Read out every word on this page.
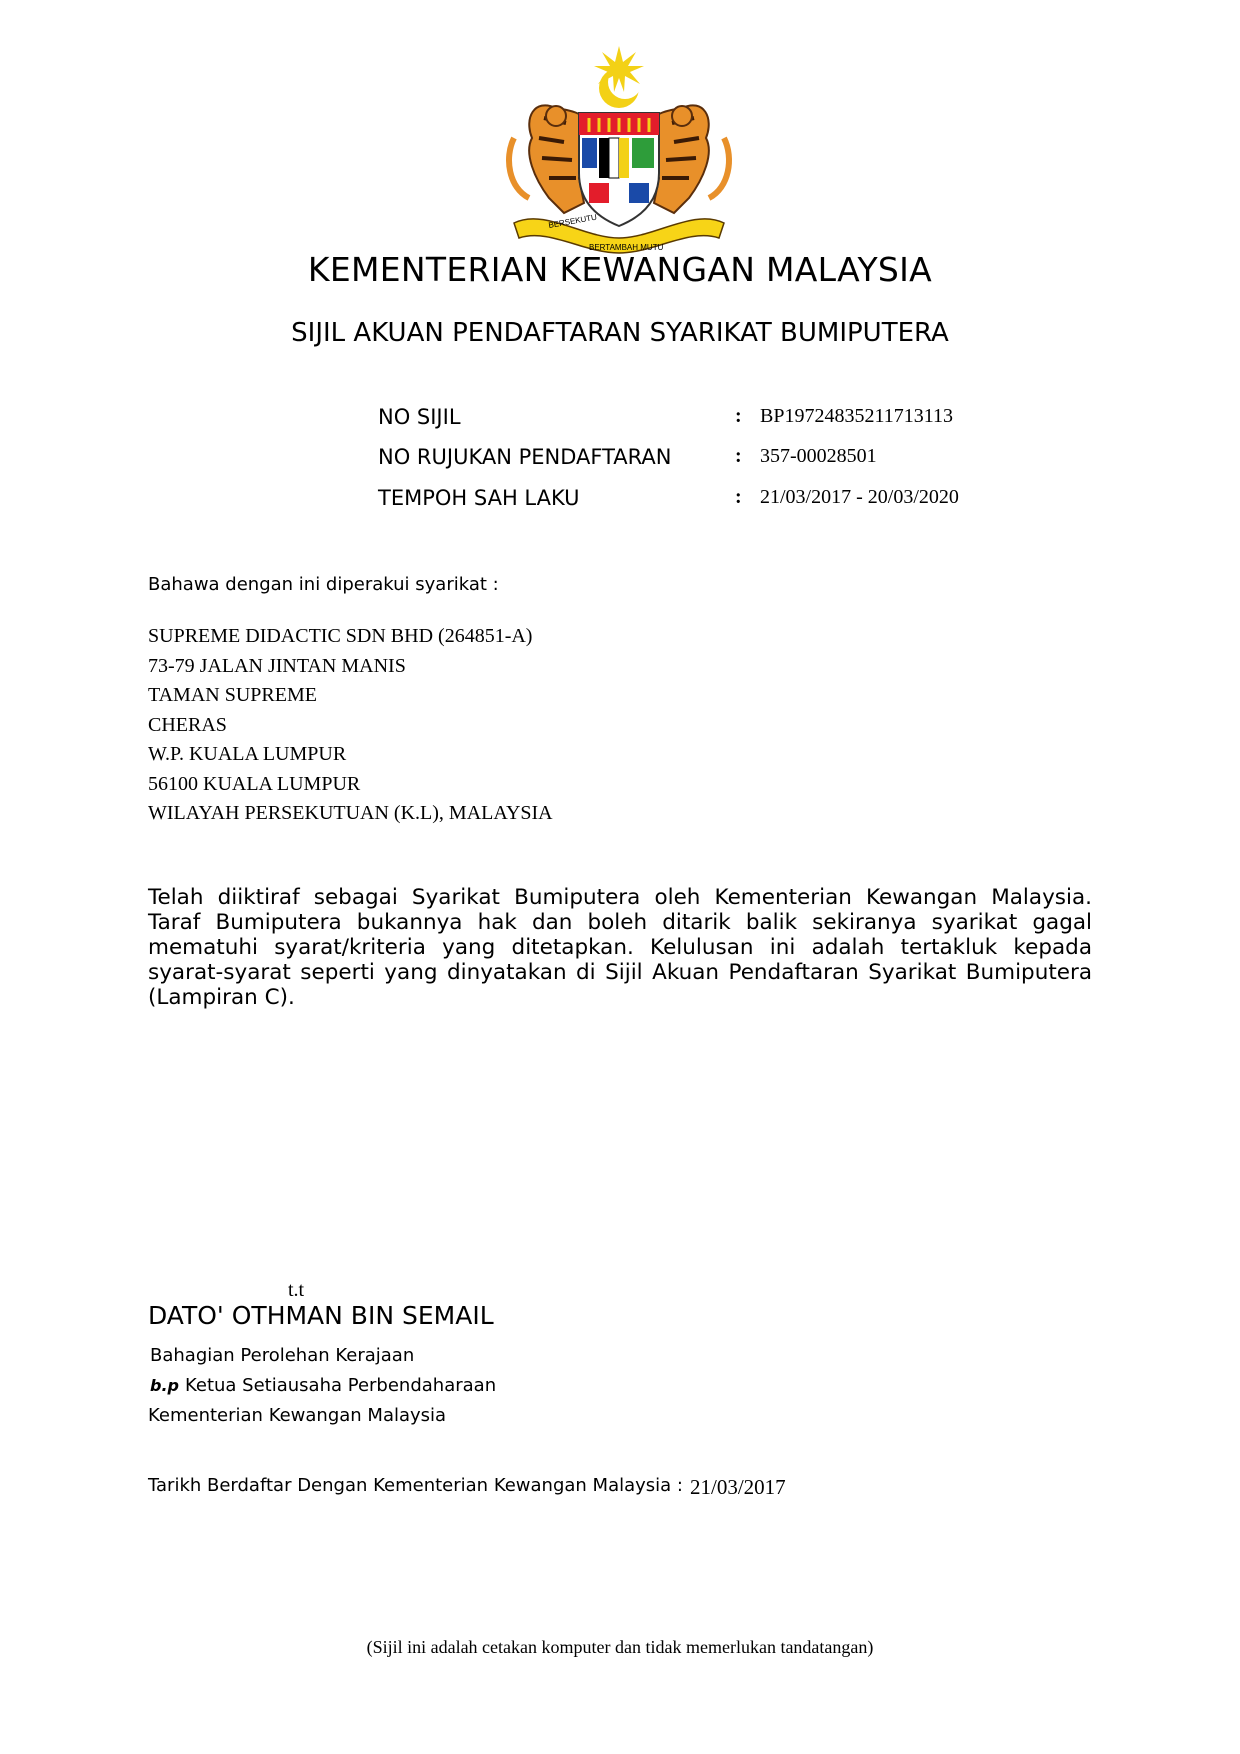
BERSEKUTU
BERTAMBAH MUTU
KEMENTERIAN KEWANGAN MALAYSIA
SIJIL AKUAN PENDAFTARAN SYARIKAT BUMIPUTERA
NO SIJIL	: BP19724835211713113
NO RUJUKAN PENDAFTARAN	: 357-00028501
TEMPOH SAH LAKU	: 21/03/2017 - 20/03/2020
Bahawa dengan ini diperakui syarikat :
SUPREME DIDACTIC SDN BHD (264851-A)
73-79 JALAN JINTAN MANIS
TAMAN SUPREME
CHERAS
W.P. KUALA LUMPUR
56100 KUALA LUMPUR
WILAYAH PERSEKUTUAN (K.L), MALAYSIA
Telah diiktiraf sebagai Syarikat Bumiputera oleh Kementerian Kewangan Malaysia. Taraf Bumiputera bukannya hak dan boleh ditarik balik sekiranya syarikat gagal mematuhi syarat/kriteria yang ditetapkan. Kelulusan ini adalah tertakluk kepada syarat-syarat seperti yang dinyatakan di Sijil Akuan Pendaftaran Syarikat Bumiputera (Lampiran C).
t.t
DATO' OTHMAN BIN SEMAIL
Bahagian Perolehan Kerajaan
b.p Ketua Setiausaha Perbendaharaan
Kementerian Kewangan Malaysia
Tarikh Berdaftar Dengan Kementerian Kewangan Malaysia : 21/03/2017
(Sijil ini adalah cetakan komputer dan tidak memerlukan tandatangan)
